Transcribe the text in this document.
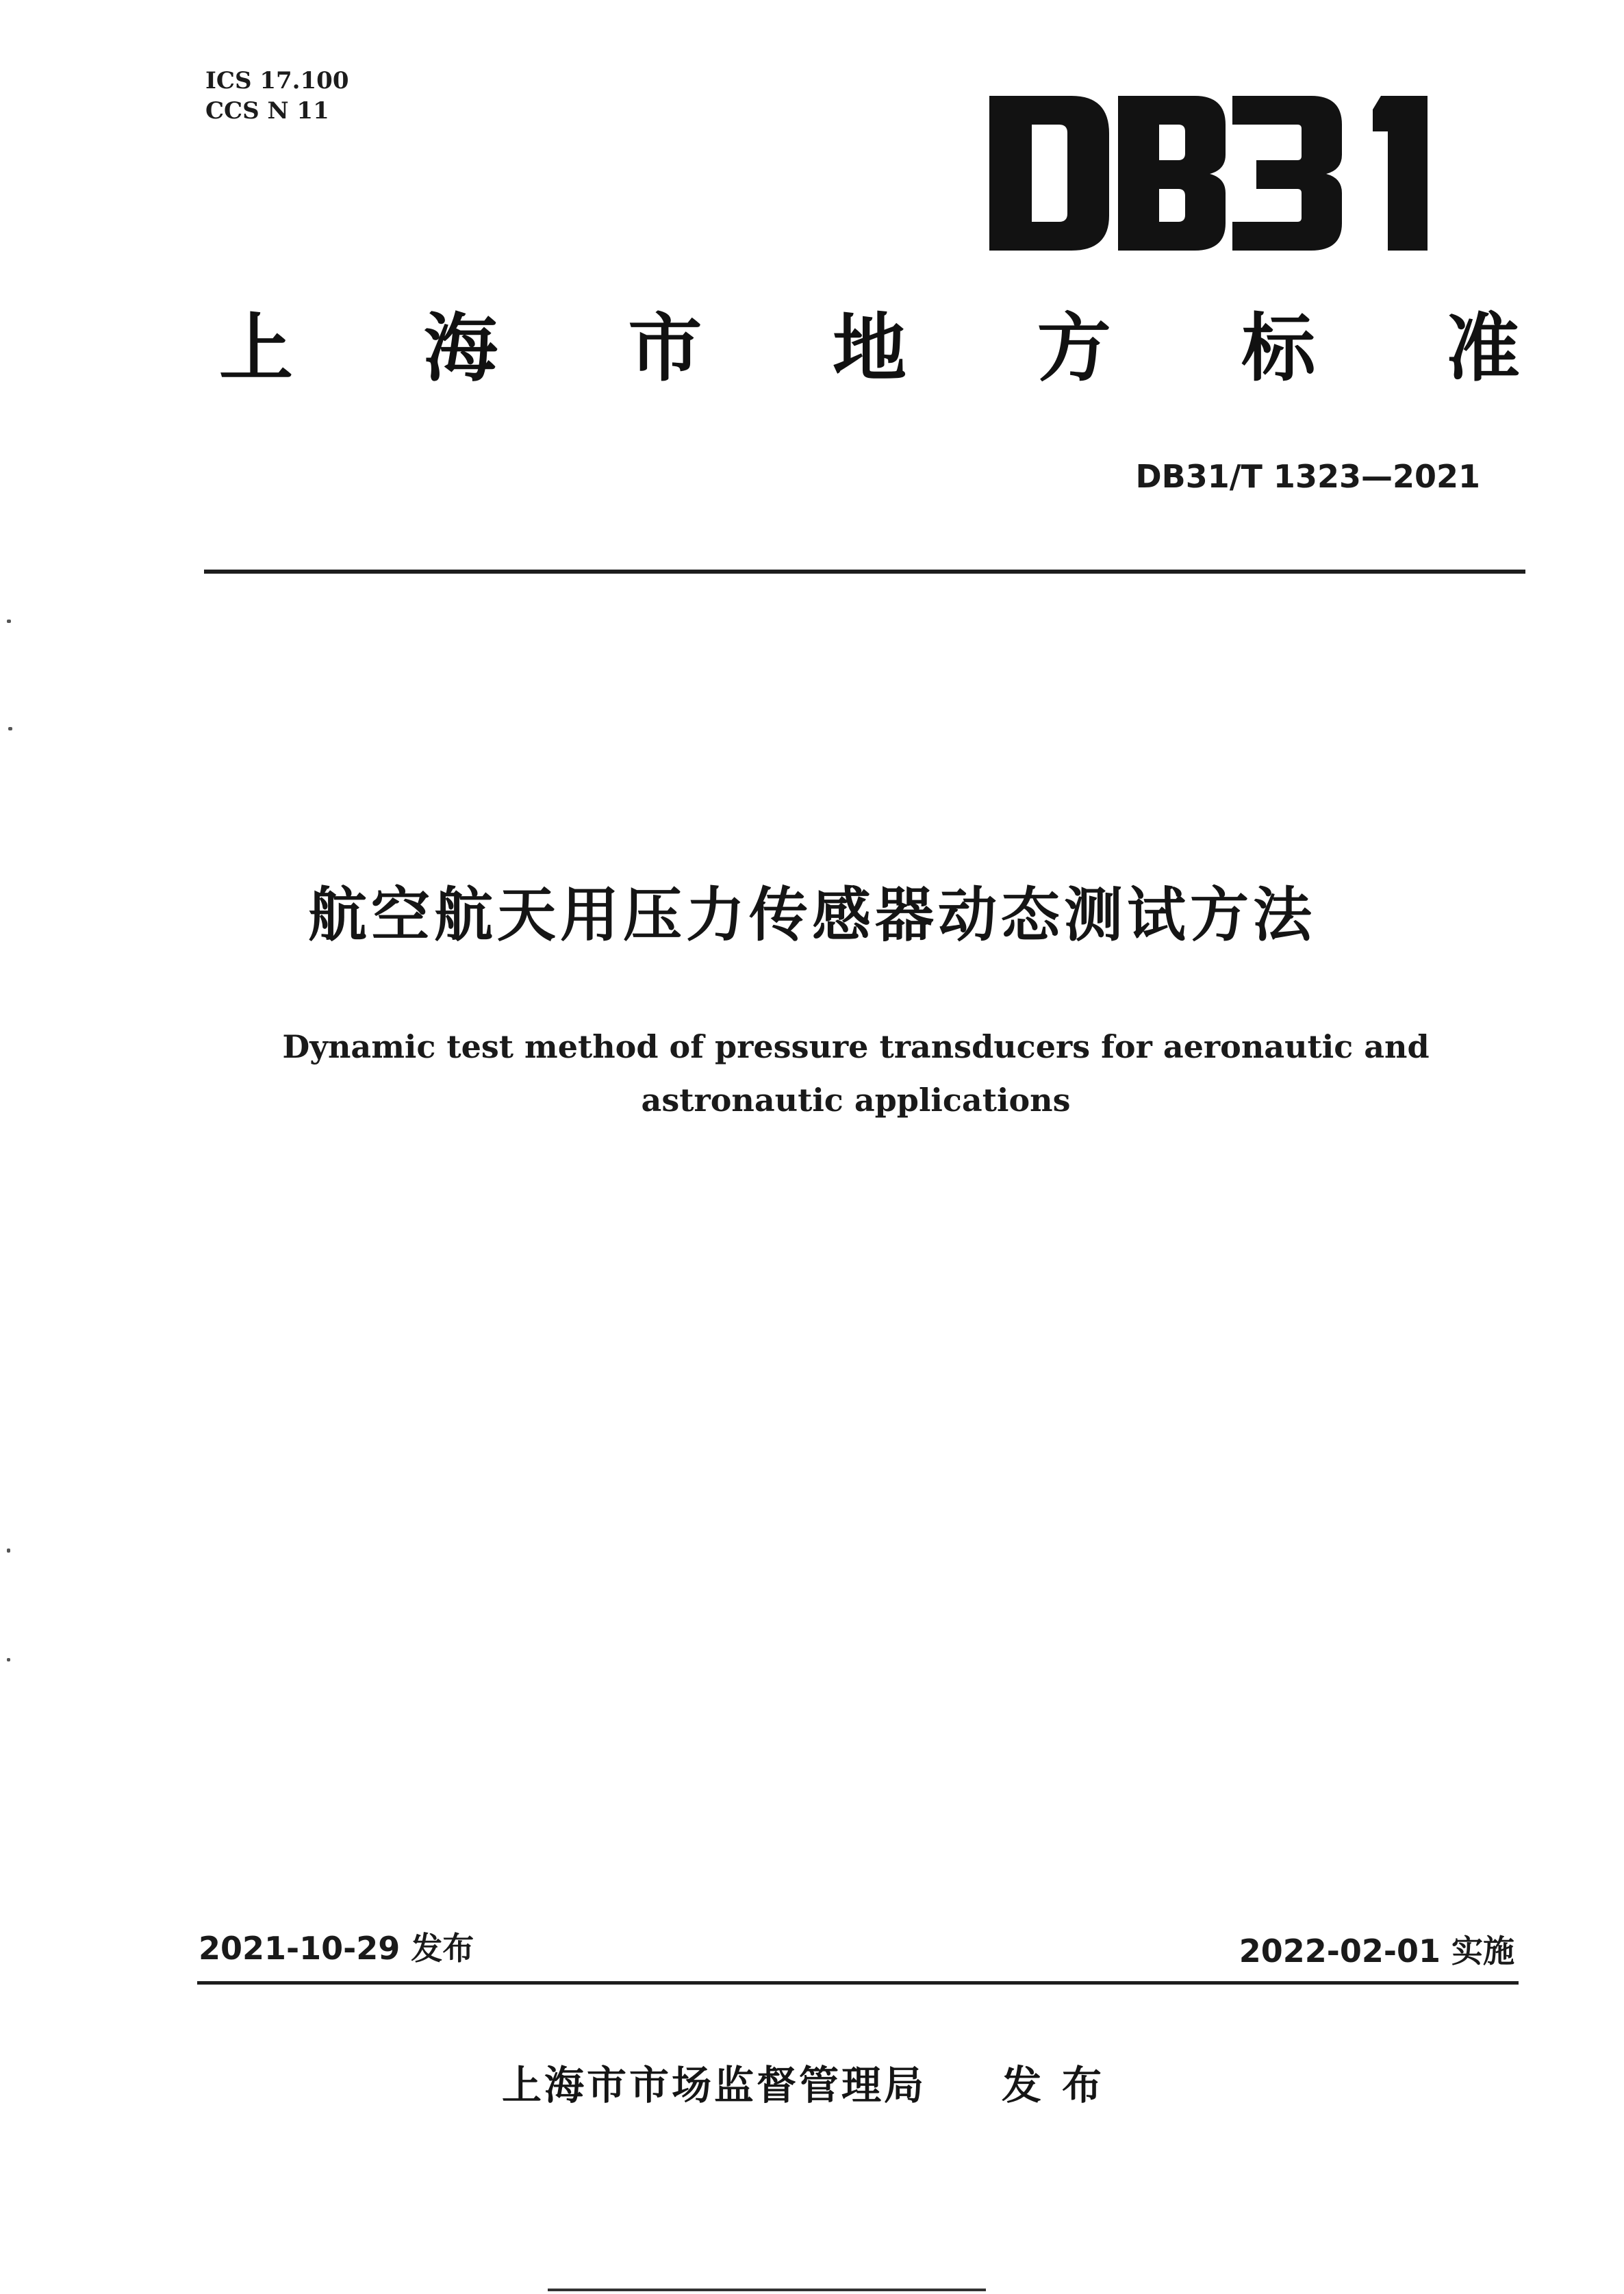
ICS 17.100
CCS N 11
DB31
上 海 市 地 方 标 准
DB31/T 1323—2021
航空航天用压力传感器动态测试方法
Dynamic test method of pressure transducers for aeronautic and
astronautic applications
2021-10-29 发布	2022-02-01 实施
上海市市场监督管理局 发布
